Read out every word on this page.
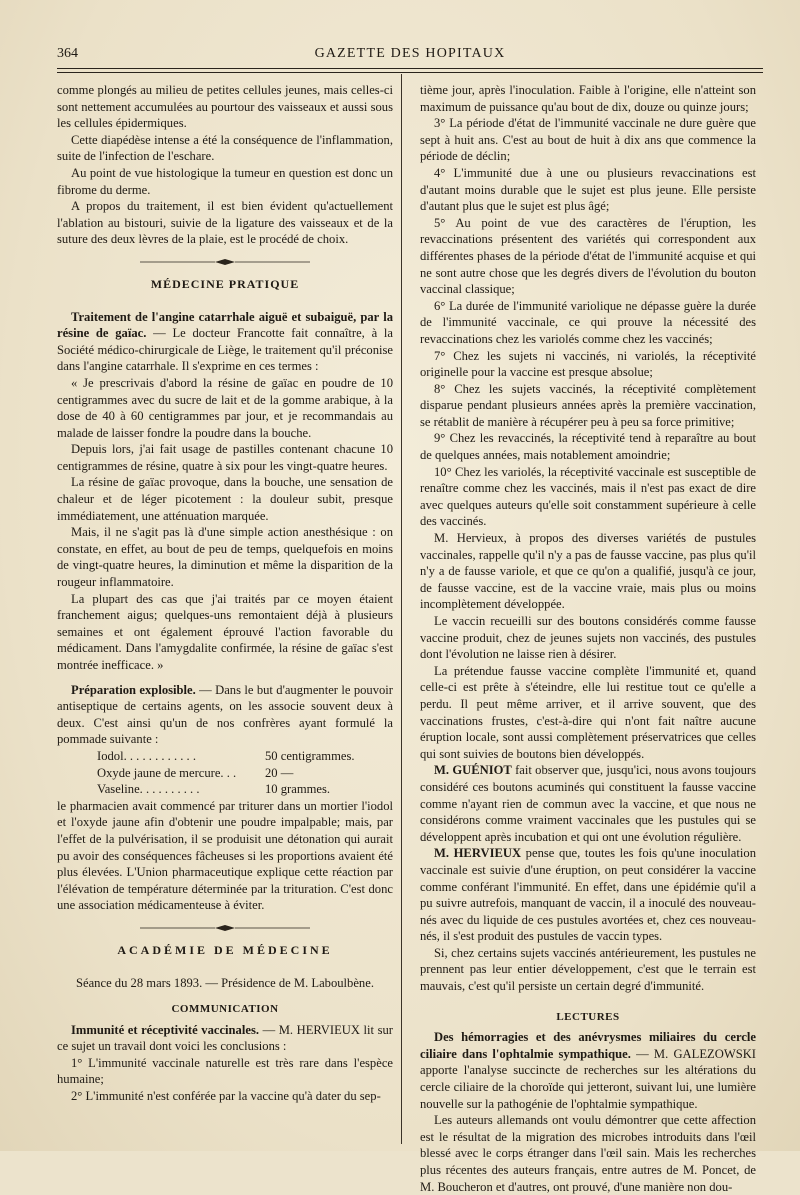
364	GAZETTE DES HOPITAUX

comme plongés au milieu de petites cellules jeunes, mais celles-ci sont nettement accumulées au pourtour des vaisseaux et aussi sous les cellules épidermiques.

Cette diapédèse intense a été la conséquence de l'inflammation, suite de l'infection de l'eschare.

Au point de vue histologique la tumeur en question est donc un fibrome du derme.

A propos du traitement, il est bien évident qu'actuellement l'ablation au bistouri, suivie de la ligature des vaisseaux et de la suture des deux lèvres de la plaie, est le procédé de choix.

MÉDECINE PRATIQUE

Traitement de l'angine catarrhale aiguë et subaiguë, par la résine de gaïac. — Le docteur Francotte fait connaître, à la Société médico-chirurgicale de Liège, le traitement qu'il préconise dans l'angine catarrhale. Il s'exprime en ces termes :

« Je prescrivais d'abord la résine de gaïac en poudre de 10 centigrammes avec du sucre de lait et de la gomme arabique, à la dose de 40 à 60 centigrammes par jour, et je recommandais au malade de laisser fondre la poudre dans la bouche.

Depuis lors, j'ai fait usage de pastilles contenant chacune 10 centigrammes de résine, quatre à six pour les vingt-quatre heures.

La résine de gaïac provoque, dans la bouche, une sensation de chaleur et de léger picotement : la douleur subit, presque immédiatement, une atténuation marquée.

Mais, il ne s'agit pas là d'une simple action anesthésique : on constate, en effet, au bout de peu de temps, quelquefois en moins de vingt-quatre heures, la diminution et même la disparition de la rougeur inflammatoire.

La plupart des cas que j'ai traités par ce moyen étaient franchement aigus; quelques-uns remontaient déjà à plusieurs semaines et ont également éprouvé l'action favorable du médicament. Dans l'amygdalite confirmée, la résine de gaïac s'est montrée inefficace. »

Préparation explosible. — Dans le but d'augmenter le pouvoir antiseptique de certains agents, on les associe souvent deux à deux. C'est ainsi qu'un de nos confrères ayant formulé la pommade suivante :

Iodol. . . . . . . . . . . .	50 centigrammes.
Oxyde jaune de mercure. . . 20 —
Vaseline. . . . . . . . . .	10 grammes.

le pharmacien avait commencé par triturer dans un mortier l'iodol et l'oxyde jaune afin d'obtenir une poudre impalpable; mais, par l'effet de la pulvérisation, il se produisit une détonation qui aurait pu avoir des conséquences fâcheuses si les proportions avaient été plus élevées. L'Union pharmaceutique explique cette réaction par l'élévation de température déterminée par la trituration. C'est donc une association médicamenteuse à éviter.

ACADÉMIE DE MÉDECINE

Séance du 28 mars 1893. — Présidence de M. Laboulbène.

COMMUNICATION

Immunité et réceptivité vaccinales. — M. HERVIEUX lit sur ce sujet un travail dont voici les conclusions :

1° L'immunité vaccinale naturelle est très rare dans l'espèce humaine;

2° L'immunité n'est conférée par la vaccine qu'à dater du sep-

tième jour, après l'inoculation. Faible à l'origine, elle n'atteint son maximum de puissance qu'au bout de dix, douze ou quinze jours;

3° La période d'état de l'immunité vaccinale ne dure guère que sept à huit ans. C'est au bout de huit à dix ans que commence la période de déclin;

4° L'immunité due à une ou plusieurs revaccinations est d'autant moins durable que le sujet est plus jeune. Elle persiste d'autant plus que le sujet est plus âgé;

5° Au point de vue des caractères de l'éruption, les revaccinations présentent des variétés qui correspondent aux différentes phases de la période d'état de l'immunité acquise et qui ne sont autre chose que les degrés divers de l'évolution du bouton vaccinal classique;

6° La durée de l'immunité variolique ne dépasse guère la durée de l'immunité vaccinale, ce qui prouve la nécessité des revaccinations chez les variolés comme chez les vaccinés;

7° Chez les sujets ni vaccinés, ni variolés, la réceptivité originelle pour la vaccine est presque absolue;

8° Chez les sujets vaccinés, la réceptivité complètement disparue pendant plusieurs années après la première vaccination, se rétablit de manière à récupérer peu à peu sa force primitive;

9° Chez les revaccinés, la réceptivité tend à reparaître au bout de quelques années, mais notablement amoindrie;

10° Chez les variolés, la réceptivité vaccinale est susceptible de renaître comme chez les vaccinés, mais il n'est pas exact de dire avec quelques auteurs qu'elle soit constamment supérieure à celle des vaccinés.

M. Hervieux, à propos des diverses variétés de pustules vaccinales, rappelle qu'il n'y a pas de fausse vaccine, pas plus qu'il n'y a de fausse variole, et que ce qu'on a qualifié, jusqu'à ce jour, de fausse vaccine, est de la vaccine vraie, mais plus ou moins incomplètement développée.

Le vaccin recueilli sur des boutons considérés comme fausse vaccine produit, chez de jeunes sujets non vaccinés, des pustules dont l'évolution ne laisse rien à désirer.

La prétendue fausse vaccine complète l'immunité et, quand celle-ci est prête à s'éteindre, elle lui restitue tout ce qu'elle a perdu. Il peut même arriver, et il arrive souvent, que des vaccinations frustes, c'est-à-dire qui n'ont fait naître aucune éruption locale, sont aussi complètement préservatrices que celles qui sont suivies de boutons bien développés.

M. GUÉNIOT fait observer que, jusqu'ici, nous avons toujours considéré ces boutons acuminés qui constituent la fausse vaccine comme n'ayant rien de commun avec la vaccine, et que nous ne considérons comme vraiment vaccinales que les pustules qui se développent après incubation et qui ont une évolution régulière.

M. HERVIEUX pense que, toutes les fois qu'une inoculation vaccinale est suivie d'une éruption, on peut considérer la vaccine comme conférant l'immunité. En effet, dans une épidémie qu'il a pu suivre autrefois, manquant de vaccin, il a inoculé des nouveau-nés avec du liquide de ces pustules avortées et, chez ces nouveau-nés, il s'est produit des pustules de vaccin types.

Si, chez certains sujets vaccinés antérieurement, les pustules ne prennent pas leur entier développement, c'est que le terrain est mauvais, c'est qu'il persiste un certain degré d'immunité.

LECTURES

Des hémorragies et des anévrysmes miliaires du cercle ciliaire dans l'ophtalmie sympathique. — M. GALEZOWSKI apporte l'analyse succincte de recherches sur les altérations du cercle ciliaire de la choroïde qui jetteront, suivant lui, une lumière nouvelle sur la pathogénie de l'ophtalmie sympathique.

Les auteurs allemands ont voulu démontrer que cette affection est le résultat de la migration des microbes introduits dans l'œil blessé avec le corps étranger dans l'œil sain. Mais les recherches plus récentes des auteurs français, entre autres de M. Poncet, de M. Boucheron et d'autres, ont prouvé, d'une manière non dou-
